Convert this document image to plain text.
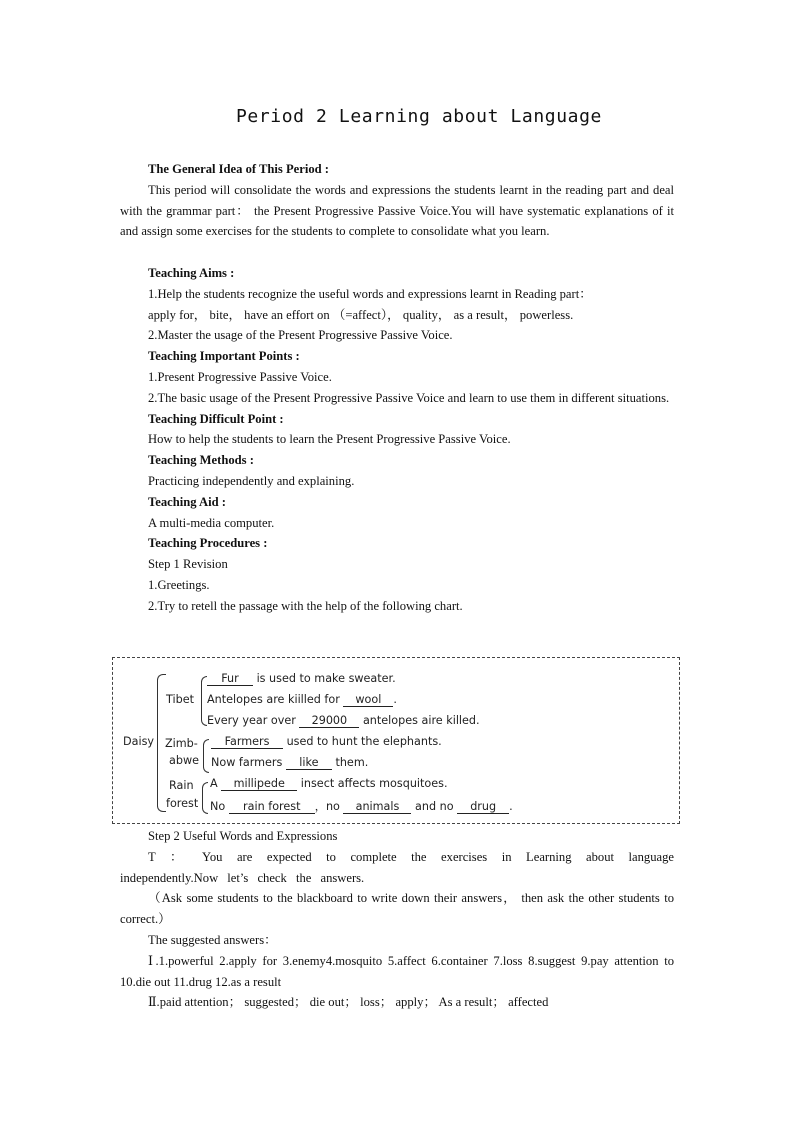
Period 2 Learning about Language

The General Idea of This Period :

This period will consolidate the words and expressions the students learnt in the reading part and deal with the grammar part： the Present Progressive Passive Voice.You will have systematic explanations of it and assign some exercises for the students to complete to consolidate what you learn.

Teaching Aims :

1.Help the students recognize the useful words and expressions learnt in Reading part：

apply for， bite， have an effort on （=affect）， quality， as a result， powerless.

2.Master the usage of the Present Progressive Passive Voice.

Teaching Important Points :

1.Present Progressive Passive Voice.

2.The basic usage of the Present Progressive Passive Voice and learn to use them in different situations.

Teaching Difficult Point :

How to help the students to learn the Present Progressive Passive Voice.

Teaching Methods :

Practicing independently and explaining.

Teaching Aid :

A multi-media computer.

Teaching Procedures :

Step 1 Revision

1.Greetings.

2.Try to retell the passage with the help of the following chart.

Daisy
Tibet
Fur is used to make sweater.
Antelopes are kiilled for wool .
Every year over 29000 antelopes aire killed.
Zimb-
abwe
Farmers used to hunt the elephants.
Now farmers like them.
Rain
forest
A millipede insect affects mosquitoes.
No rain forest ，no animals and no drug .

Step 2 Useful Words and Expressions

T ： You are expected to complete the exercises in Learning about language independently.Now let’s check the answers.

（Ask some students to the blackboard to write down their answers， then ask the other students to correct.）

The suggested answers：

Ⅰ.1.powerful 2.apply for 3.enemy4.mosquito 5.affect 6.container 7.loss 8.suggest 9.pay attention to 10.die out 11.drug 12.as a result

Ⅱ.paid attention； suggested； die out； loss； apply； As a result； affected
